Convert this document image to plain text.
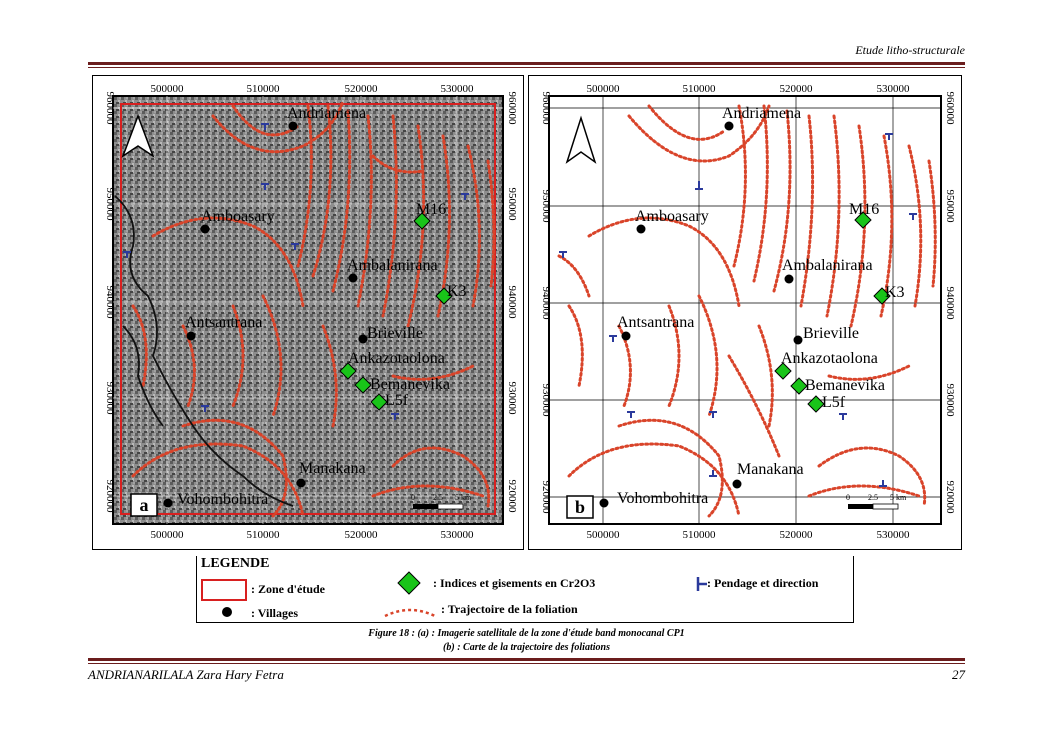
Etude litho-structurale
500000	510000	520000	530000
500000	510000	520000	530000
960000
950000
940000
930000
920000
960000
950000
940000
930000
920000
Andriamena
Amboasary
Ambalanirana
Antsantrana
Brieville
Manakana
Vohombohitra
M16
K3
Ankazotaolona
Bemanevika
L5f
0 2.5 5 km
a
500000	510000	520000	530000
500000	510000	520000	530000
960000
950000
940000
930000
920000
960000
950000
940000
930000
920000
Andriamena
Amboasary
Ambalanirana
Antsantrana
Brieville
Manakana
Vohombohitra
M16
K3
Ankazotaolona
Bemanevika
L5f
0 2.5 5 km
b
LEGENDE
: Zone d'étude
: Villages
: Indices et gisements en Cr2O3
: Trajectoire de la foliation
: Pendage et direction
Figure 18 : (a) : Imagerie satellitale de la zone d'étude band monocanal CP1
(b) : Carte de la trajectoire des foliations
ANDRIANARILALA Zara Hary Fetra	27
